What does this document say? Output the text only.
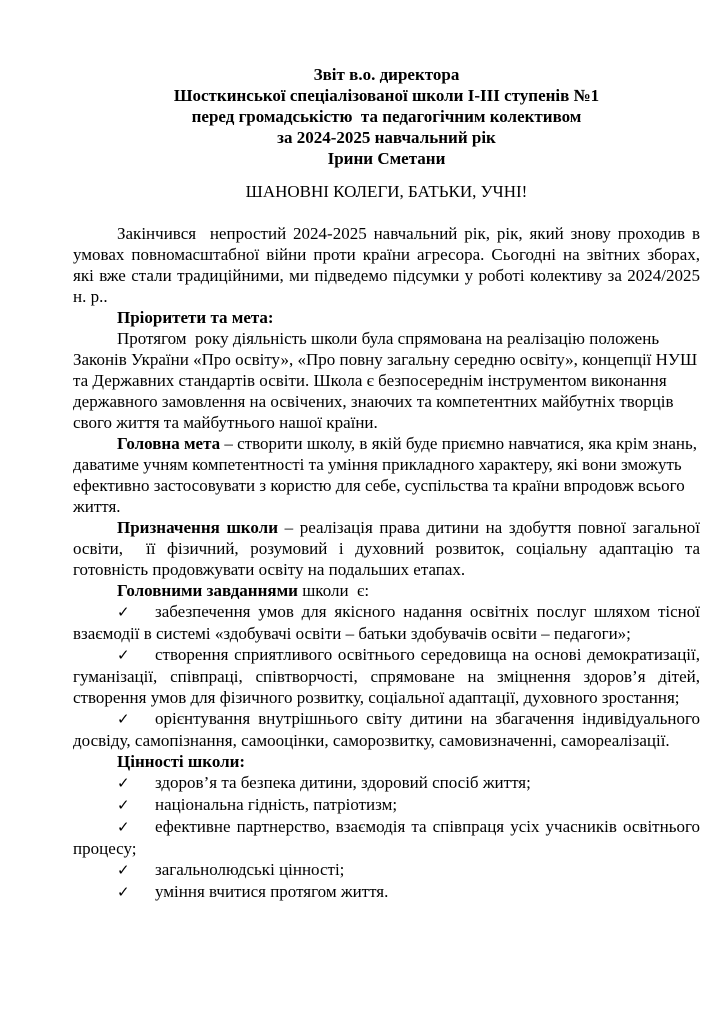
Звіт в.о. директора
Шосткинської спеціалізованої школи І-ІІІ ступенів №1
перед громадськістю  та педагогічним колективом
за 2024-2025 навчальний рік
Ірини Сметани

ШАНОВНІ КОЛЕГИ, БАТЬКИ, УЧНІ!

Закінчився  непростий 2024-2025 навчальний рік, рік, який знову проходив в умовах повномасштабної війни проти країни агресора. Сьогодні на звітних зборах, які вже стали традиційними, ми підведемо підсумки у роботі колективу за 2024/2025 н. р..

Пріоритети та мета:

Протягом  року діяльність школи була спрямована на реалізацію положень Законів України «Про освіту», «Про повну загальну середню освіту», концепції НУШ та Державних стандартів освіти. Школа є безпосереднім інструментом виконання державного замовлення на освічених, знаючих та компетентних майбутніх творців свого життя та майбутнього нашої країни.

Головна мета – створити школу, в якій буде приємно навчатися, яка крім знань, даватиме учням компетентності та уміння прикладного характеру, які вони зможуть ефективно застосовувати з користю для себе, суспільства та країни впродовж всього життя.

Призначення школи – реалізація права дитини на здобуття повної загальної освіти,  її фізичний, розумовий і духовний розвиток, соціальну адаптацію та готовність продовжувати освіту на подальших етапах.

Головними завданнями школи  є:

✓ забезпечення умов для якісного надання освітніх послуг шляхом тісної взаємодії в системі «здобувачі освіти – батьки здобувачів освіти – педагоги»;

✓ створення сприятливого освітнього середовища на основі демократизації, гуманізації, співпраці, співтворчості, спрямоване на зміцнення здоров’я дітей, створення умов для фізичного розвитку, соціальної адаптації, духовного зростання;

✓ орієнтування внутрішнього світу дитини на збагачення індивідуального досвіду, самопізнання, самооцінки, саморозвитку, самовизначенні, самореалізації.

Цінності школи:

✓ здоров’я та безпека дитини, здоровий спосіб життя;

✓ національна гідність, патріотизм;

✓ ефективне партнерство, взаємодія та співпраця усіх учасників освітнього процесу;

✓ загальнолюдські цінності;

✓ уміння вчитися протягом життя.
